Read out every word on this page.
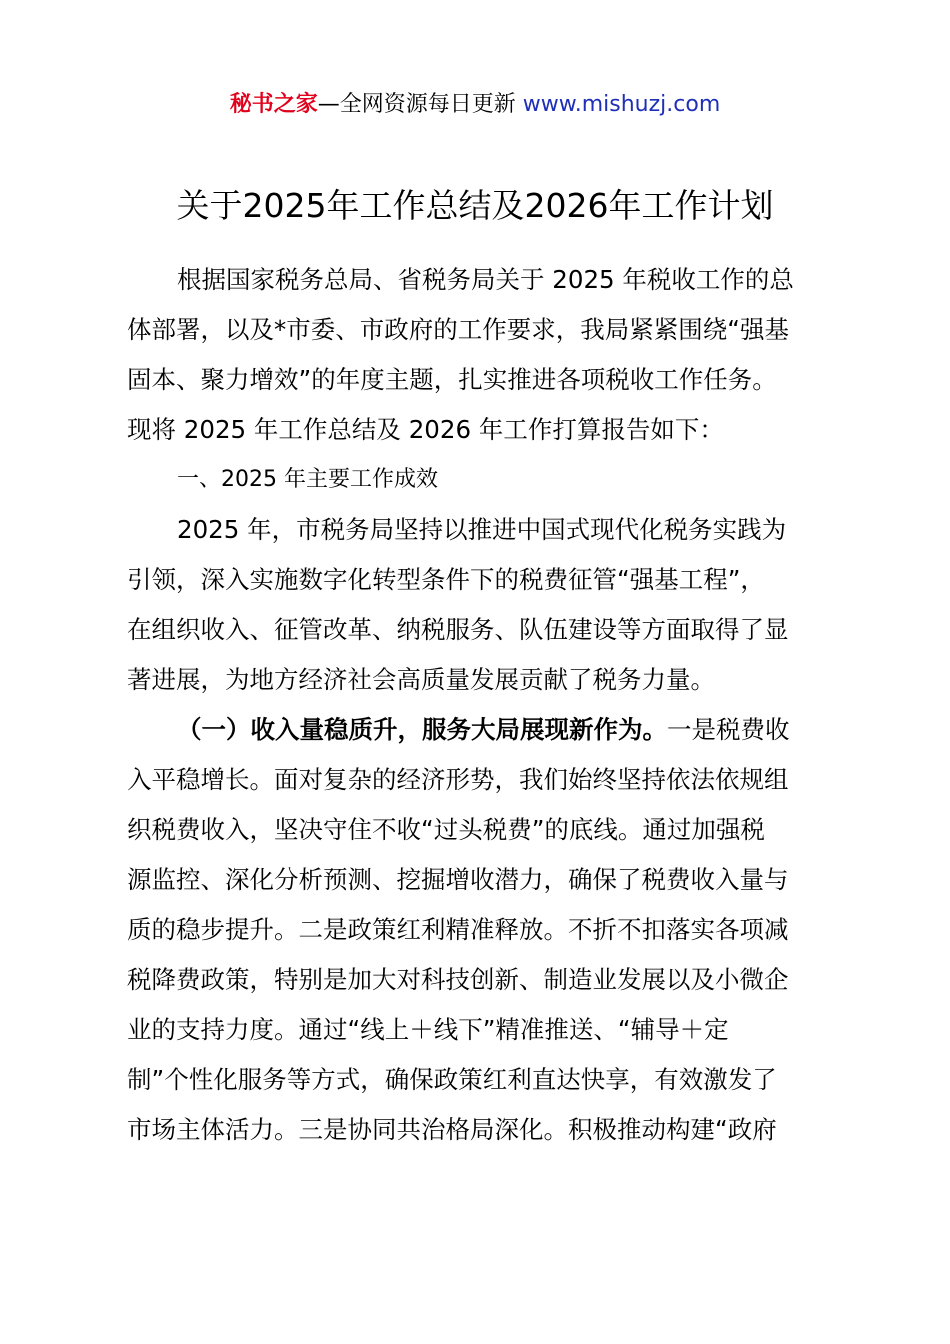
秘书之家—全网资源每日更新 www.mishuzj.com
关于2025年工作总结及2026年工作计划
根据国家税务总局、省税务局关于 2025 年税收工作的总
体部署，以及*市委、市政府的工作要求，我局紧紧围绕“强基
固本、聚力增效”的年度主题，扎实推进各项税收工作任务。
现将 2025 年工作总结及 2026 年工作打算报告如下：
一、2025 年主要工作成效
2025 年，市税务局坚持以推进中国式现代化税务实践为
引领，深入实施数字化转型条件下的税费征管“强基工程”，
在组织收入、征管改革、纳税服务、队伍建设等方面取得了显
著进展，为地方经济社会高质量发展贡献了税务力量。
（一）收入量稳质升，服务大局展现新作为。一是税费收
入平稳增长。面对复杂的经济形势，我们始终坚持依法依规组
织税费收入，坚决守住不收“过头税费”的底线。通过加强税
源监控、深化分析预测、挖掘增收潜力，确保了税费收入量与
质的稳步提升。二是政策红利精准释放。不折不扣落实各项减
税降费政策，特别是加大对科技创新、制造业发展以及小微企
业的支持力度。通过“线上＋线下”精准推送、“辅导＋定
制”个性化服务等方式，确保政策红利直达快享，有效激发了
市场主体活力。三是协同共治格局深化。积极推动构建“政府
